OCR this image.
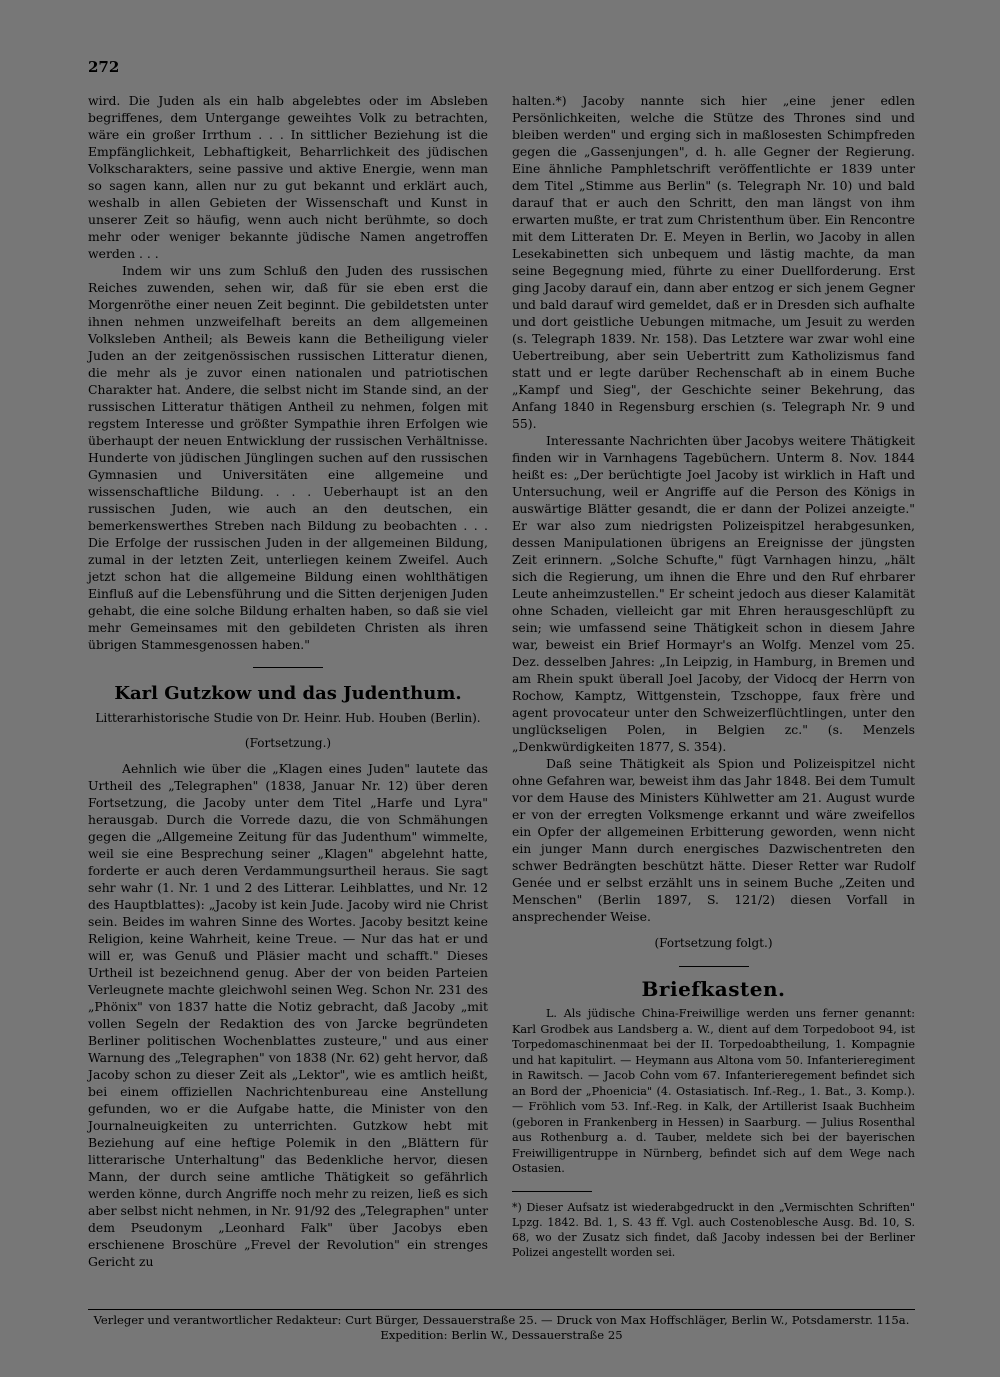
272

wird. Die Juden als ein halb abgelebtes oder im Absleben begriffenes, dem Untergange geweihtes Volk zu betrachten, wäre ein großer Irrthum . . . In sittlicher Beziehung ist die Empfänglichkeit, Lebhaftigkeit, Beharrlichkeit des jüdischen Volkscharakters, seine passive und aktive Energie, wenn man so sagen kann, allen nur zu gut bekannt und erklärt auch, weshalb in allen Gebieten der Wissenschaft und Kunst in unserer Zeit so häufig, wenn auch nicht berühmte, so doch mehr oder weniger bekannte jüdische Namen angetroffen werden . . .

Indem wir uns zum Schluß den Juden des russischen Reiches zuwenden, sehen wir, daß für sie eben erst die Morgenröthe einer neuen Zeit beginnt. Die gebildetsten unter ihnen nehmen unzweifelhaft bereits an dem allgemeinen Volksleben Antheil; als Beweis kann die Betheiligung vieler Juden an der zeitgenössischen russischen Litteratur dienen, die mehr als je zuvor einen nationalen und patriotischen Charakter hat. Andere, die selbst nicht im Stande sind, an der russischen Litteratur thätigen Antheil zu nehmen, folgen mit regstem Interesse und größter Sympathie ihren Erfolgen wie überhaupt der neuen Entwicklung der russischen Verhältnisse. Hunderte von jüdischen Jünglingen suchen auf den russischen Gymnasien und Universitäten eine allgemeine und wissenschaftliche Bildung. . . . Ueberhaupt ist an den russischen Juden, wie auch an den deutschen, ein bemerkenswerthes Streben nach Bildung zu beobachten . . . Die Erfolge der russischen Juden in der allgemeinen Bildung, zumal in der letzten Zeit, unterliegen keinem Zweifel. Auch jetzt schon hat die allgemeine Bildung einen wohlthätigen Einfluß auf die Lebensführung und die Sitten derjenigen Juden gehabt, die eine solche Bildung erhalten haben, so daß sie viel mehr Gemeinsames mit den gebildeten Christen als ihren übrigen Stammesgenossen haben."

Karl Gutzkow und das Judenthum.
Litterarhistorische Studie von Dr. Heinr. Hub. Houben (Berlin).
(Fortsetzung.)

Aehnlich wie über die „Klagen eines Juden" lautete das Urtheil des „Telegraphen" (1838, Januar Nr. 12) über deren Fortsetzung, die Jacoby unter dem Titel „Harfe und Lyra" herausgab. Durch die Vorrede dazu, die von Schmähungen gegen die „Allgemeine Zeitung für das Judenthum" wimmelte, weil sie eine Besprechung seiner „Klagen" abgelehnt hatte, forderte er auch deren Verdammungsurtheil heraus. Sie sagt sehr wahr (1. Nr. 1 und 2 des Litterar. Leihblattes, und Nr. 12 des Hauptblattes): „Jacoby ist kein Jude. Jacoby wird nie Christ sein. Beides im wahren Sinne des Wortes. Jacoby besitzt keine Religion, keine Wahrheit, keine Treue. — Nur das hat er und will er, was Genuß und Pläsier macht und schafft." Dieses Urtheil ist bezeichnend genug. Aber der von beiden Parteien Verleugnete machte gleichwohl seinen Weg. Schon Nr. 231 des „Phönix" von 1837 hatte die Notiz gebracht, daß Jacoby „mit vollen Segeln der Redaktion des von Jarcke begründeten Berliner politischen Wochenblattes zusteure," und aus einer Warnung des „Telegraphen" von 1838 (Nr. 62) geht hervor, daß Jacoby schon zu dieser Zeit als „Lektor", wie es amtlich heißt, bei einem offiziellen Nachrichtenbureau eine Anstellung gefunden, wo er die Aufgabe hatte, die Minister von den Journalneuigkeiten zu unterrichten. Gutzkow hebt mit Beziehung auf eine heftige Polemik in den „Blättern für litterarische Unterhaltung" das Bedenkliche hervor, diesen Mann, der durch seine amtliche Thätigkeit so gefährlich werden könne, durch Angriffe noch mehr zu reizen, ließ es sich aber selbst nicht nehmen, in Nr. 91/92 des „Telegraphen" unter dem Pseudonym „Leonhard Falk" über Jacobys eben erschienene Broschüre „Frevel der Revolution" ein strenges Gericht zu

halten.*) Jacoby nannte sich hier „eine jener edlen Persönlichkeiten, welche die Stütze des Thrones sind und bleiben werden" und erging sich in maßlosesten Schimpfreden gegen die „Gassenjungen", d. h. alle Gegner der Regierung. Eine ähnliche Pamphletschrift veröffentlichte er 1839 unter dem Titel „Stimme aus Berlin" (s. Telegraph Nr. 10) und bald darauf that er auch den Schritt, den man längst von ihm erwarten mußte, er trat zum Christenthum über. Ein Rencontre mit dem Litteraten Dr. E. Meyen in Berlin, wo Jacoby in allen Lesekabinetten sich unbequem und lästig machte, da man seine Begegnung mied, führte zu einer Duellforderung. Erst ging Jacoby darauf ein, dann aber entzog er sich jenem Gegner und bald darauf wird gemeldet, daß er in Dresden sich aufhalte und dort geistliche Uebungen mitmache, um Jesuit zu werden (s. Telegraph 1839. Nr. 158). Das Letztere war zwar wohl eine Uebertreibung, aber sein Uebertritt zum Katholizismus fand statt und er legte darüber Rechenschaft ab in einem Buche „Kampf und Sieg", der Geschichte seiner Bekehrung, das Anfang 1840 in Regensburg erschien (s. Telegraph Nr. 9 und 55).

Interessante Nachrichten über Jacobys weitere Thätigkeit finden wir in Varnhagens Tagebüchern. Unterm 8. Nov. 1844 heißt es: „Der berüchtigte Joel Jacoby ist wirklich in Haft und Untersuchung, weil er Angriffe auf die Person des Königs in auswärtige Blätter gesandt, die er dann der Polizei anzeigte." Er war also zum niedrigsten Polizeispitzel herabgesunken, dessen Manipulationen übrigens an Ereignisse der jüngsten Zeit erinnern. „Solche Schufte," fügt Varnhagen hinzu, „hält sich die Regierung, um ihnen die Ehre und den Ruf ehrbarer Leute anheimzustellen." Er scheint jedoch aus dieser Kalamität ohne Schaden, vielleicht gar mit Ehren herausgeschlüpft zu sein; wie umfassend seine Thätigkeit schon in diesem Jahre war, beweist ein Brief Hormayr's an Wolfg. Menzel vom 25. Dez. desselben Jahres: „In Leipzig, in Hamburg, in Bremen und am Rhein spukt überall Joel Jacoby, der Vidocq der Herrn von Rochow, Kamptz, Wittgenstein, Tzschoppe, faux frère und agent provocateur unter den Schweizerflüchtlingen, unter den unglückseligen Polen, in Belgien zc." (s. Menzels „Denkwürdigkeiten 1877, S. 354).

Daß seine Thätigkeit als Spion und Polizeispitzel nicht ohne Gefahren war, beweist ihm das Jahr 1848. Bei dem Tumult vor dem Hause des Ministers Kühlwetter am 21. August wurde er von der erregten Volksmenge erkannt und wäre zweifellos ein Opfer der allgemeinen Erbitterung geworden, wenn nicht ein junger Mann durch energisches Dazwischentreten den schwer Bedrängten beschützt hätte. Dieser Retter war Rudolf Genée und er selbst erzählt uns in seinem Buche „Zeiten und Menschen" (Berlin 1897, S. 121/2) diesen Vorfall in ansprechender Weise.

(Fortsetzung folgt.)
Briefkasten.

L. Als jüdische China-Freiwillige werden uns ferner genannt: Karl Grodbek aus Landsberg a. W., dient auf dem Torpedoboot 94, ist Torpedomaschinenmaat bei der II. Torpedoabtheilung, 1. Kompagnie und hat kapitulirt. — Heymann aus Altona vom 50. Infanterieregiment in Rawitsch. — Jacob Cohn vom 67. Infanterieregement befindet sich an Bord der „Phoenicia" (4. Ostasiatisch. Inf.-Reg., 1. Bat., 3. Komp.). — Fröhlich vom 53. Inf.-Reg. in Kalk, der Artillerist Isaak Buchheim (geboren in Frankenberg in Hessen) in Saarburg. — Julius Rosenthal aus Rothenburg a. d. Tauber, meldete sich bei der bayerischen Freiwilligentruppe in Nürnberg, befindet sich auf dem Wege nach Ostasien.

*) Dieser Aufsatz ist wiederabgedruckt in den „Vermischten Schriften" Lpzg. 1842. Bd. 1, S. 43 ff. Vgl. auch Costenoblesche Ausg. Bd. 10, S. 68, wo der Zusatz sich findet, daß Jacoby indessen bei der Berliner Polizei angestellt worden sei.

Verleger und verantwortlicher Redakteur: Curt Bürger, Dessauerstraße 25. — Druck von Max Hoffschläger, Berlin W., Potsdamerstr. 115a.
Expedition: Berlin W., Dessauerstraße 25
